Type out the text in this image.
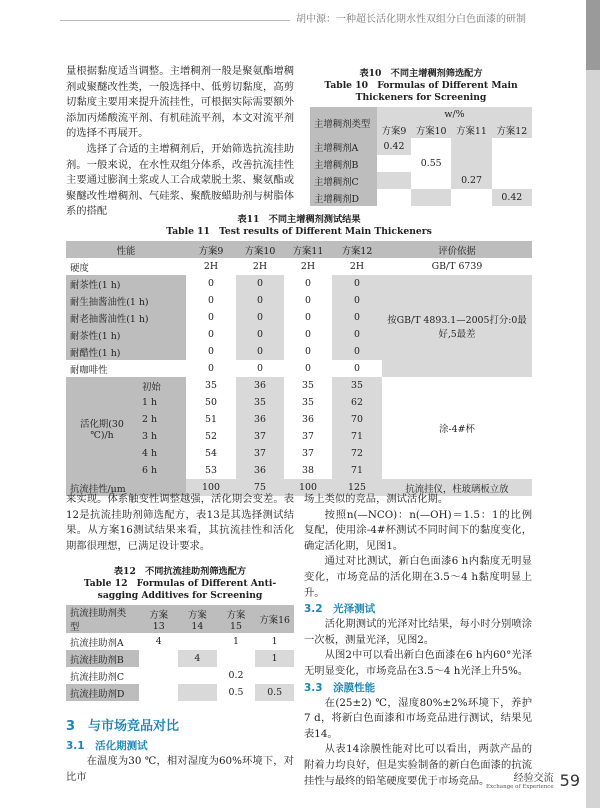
胡中源：一种超长活化期水性双组分白色面漆的研制

量根据黏度适当调整。主增稠剂一般是聚氨酯增稠剂或聚醚改性类，一般选择中、低剪切黏度，高剪切黏度主要用来提升流挂性，可根据实际需要额外添加丙烯酸流平剂、有机硅流平剂，本文对流平剂的选择不再展开。

选择了合适的主增稠剂后，开始筛选抗流挂助剂。一般来说，在水性双组分体系，改善抗流挂性主要通过膨润土浆或人工合成蒙脱土浆、聚氨酯或聚醚改性增稠剂、气硅浆、聚酰胺蜡助剂与树脂体系的搭配

表10　不同主增稠剂筛选配方
Table 10　Formulas of Different Main Thickeners for Screening
主增稠剂类型	w/%			
	方案9	方案10	方案11	方案12
主增稠剂A	0.42			
主增稠剂B		0.55		
主增稠剂C			0.27	
主增稠剂D				0.42
表11　不同主增稠剂测试结果
Table 11　Test results of Different Main Thickeners
性能		方案9	方案10	方案11	方案12	评价依据
硬度		2H	2H	2H	2H	GB/T 6739
耐茶性(1 h)		0	0	0	0	按GB/T 4893.1—2005打分:0最好,5最差
耐生抽酱油性(1 h)		0	0	0	0	
耐老抽酱油性(1 h)		0	0	0	0	
耐茶性(1 h)		0	0	0	0	
耐醋性(1 h)		0	0	0	0	
耐咖啡性		0	0	0	0	
活化期(30 ℃)/h	初始	35	36	35	35	涂-4#杯
	1 h	50	35	35	62	
	2 h	51	36	36	70	
	3 h	52	37	37	71	
	4 h	54	37	37	72	
	6 h	53	36	38	71	
抗流挂性/μm		100	75	100	125	抗流挂仪，柱玻璃板立放

来实现。体系触变性调整越强，活化期会变差。表12是抗流挂助剂筛选配方，表13是其选择测试结果。从方案16测试结果来看，其抗流挂性和活化期都很理想，已满足设计要求。

表12　不同抗流挂助剂筛选配方
Table 12　Formulas of Different Anti-sagging Additives for Screening
抗流挂助剂类型	方案13	方案14	方案15	方案16
抗流挂助剂A	4		1	1
抗流挂助剂B		4		1
抗流挂助剂C			0.2	
抗流挂助剂D			0.5	0.5
3　与市场竞品对比
3.1　活化期测试

在温度为30 ℃，相对湿度为60%环境下，对比市

场上类似的竞品，测试活化期。

按照n(—NCO)：n(—OH)＝1.5：1的比例复配，使用涂-4#杯测试不同时间下的黏度变化，确定活化期，见图1。

通过对比测试，新白色面漆6 h内黏度无明显变化，市场竞品的活化期在3.5～4 h黏度明显上升。

3.2　光泽测试

活化期测试的光泽对比结果，每小时分别喷涂一次板，测量光泽，见图2。

从图2中可以看出新白色面漆在6 h内60°光泽无明显变化，市场竞品在3.5～4 h光泽上升5%。

3.3　涂膜性能

在(25±2) ℃，湿度80%±2%环境下，养护7 d，将新白色面漆和市场竞品进行测试，结果见表14。

从表14涂膜性能对比可以看出，两款产品的附着力均良好，但是实验制备的新白色面漆的抗流挂性与最终的铅笔硬度要优于市场竞品。	经验交流
Exchange of Experience 59
